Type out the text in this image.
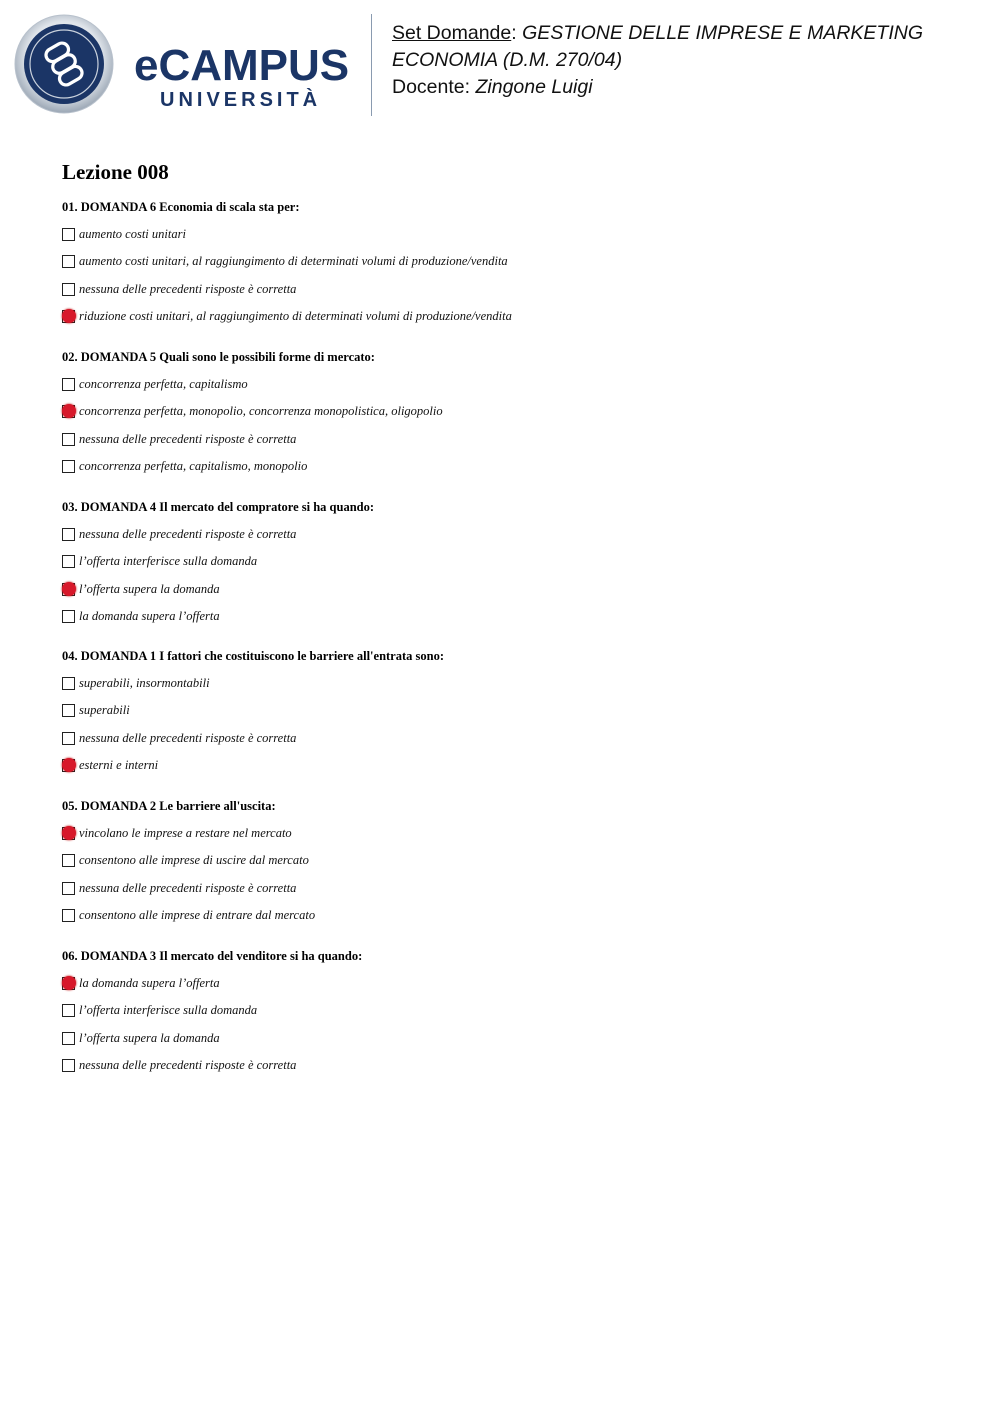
eCAMPUS
UNIVERSITÀ
Set Domande: GESTIONE DELLE IMPRESE E MARKETING
ECONOMIA (D.M. 270/04)
Docente: Zingone Luigi
Lezione 008
01. DOMANDA 6 Economia di scala sta per:
aumento costi unitari
aumento costi unitari, al raggiungimento di determinati volumi di produzione/vendita
nessuna delle precedenti risposte è corretta
riduzione costi unitari, al raggiungimento di determinati volumi di produzione/vendita
02. DOMANDA 5 Quali sono le possibili forme di mercato:
concorrenza perfetta, capitalismo
concorrenza perfetta, monopolio, concorrenza monopolistica, oligopolio
nessuna delle precedenti risposte è corretta
concorrenza perfetta, capitalismo, monopolio
03. DOMANDA 4 Il mercato del compratore si ha quando:
nessuna delle precedenti risposte è corretta
l’offerta interferisce sulla domanda
l’offerta supera la domanda
la domanda supera l’offerta
04. DOMANDA 1 I fattori che costituiscono le barriere all'entrata sono:
superabili, insormontabili
superabili
nessuna delle precedenti risposte è corretta
esterni e interni
05. DOMANDA 2 Le barriere all'uscita:
vincolano le imprese a restare nel mercato
consentono alle imprese di uscire dal mercato
nessuna delle precedenti risposte è corretta
consentono alle imprese di entrare dal mercato
06. DOMANDA 3 Il mercato del venditore si ha quando:
la domanda supera l’offerta
l’offerta interferisce sulla domanda
l’offerta supera la domanda
nessuna delle precedenti risposte è corretta
